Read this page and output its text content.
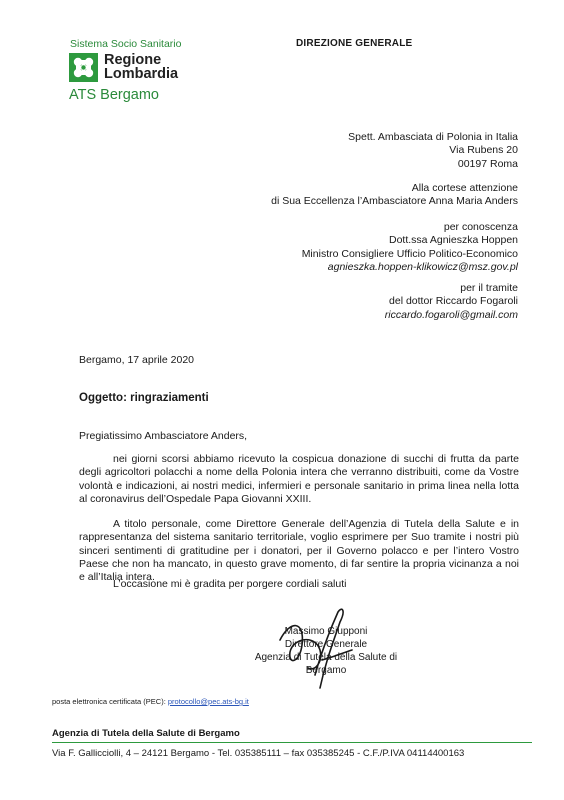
Sistema Socio Sanitario
Regione
Lombardia
ATS Bergamo
DIREZIONE GENERALE
Spett. Ambasciata di Polonia in Italia
Via Rubens 20
00197 Roma
Alla cortese attenzione
di Sua Eccellenza l’Ambasciatore Anna Maria Anders
per conoscenza
Dott.ssa Agnieszka Hoppen
Ministro Consigliere Ufficio Politico-Economico
agnieszka.hoppen-klikowicz@msz.gov.pl
per il tramite
del dottor Riccardo Fogaroli
riccardo.fogaroli@gmail.com
Bergamo, 17 aprile 2020
Oggetto: ringraziamenti
Pregiatissimo Ambasciatore Anders,
nei giorni scorsi abbiamo ricevuto la cospicua donazione di succhi di frutta da parte degli agricoltori polacchi a nome della Polonia intera che verranno distribuiti, come da Vostre volontà e indicazioni, ai nostri medici, infermieri e personale sanitario in prima linea nella lotta al coronavirus dell’Ospedale Papa Giovanni XXIII.
A titolo personale, come Direttore Generale dell’Agenzia di Tutela della Salute e in rappresentanza del sistema sanitario territoriale, voglio esprimere per Suo tramite i nostri più sinceri sentimenti di gratitudine per i donatori, per il Governo polacco e per l’intero Vostro Paese che non ha mancato, in questo grave momento, di far sentire la propria vicinanza a noi e all’Italia intera.
L’occasione mi è gradita per porgere cordiali saluti
Massimo Giupponi
Direttore Generale
Agenzia di Tutela della Salute di Bergamo
posta elettronica certificata (PEC): protocollo@pec.ats-bg.it
Agenzia di Tutela della Salute di Bergamo
Via F. Gallicciolli, 4 – 24121 Bergamo - Tel. 035385111 – fax 035385245 - C.F./P.IVA 04114400163
